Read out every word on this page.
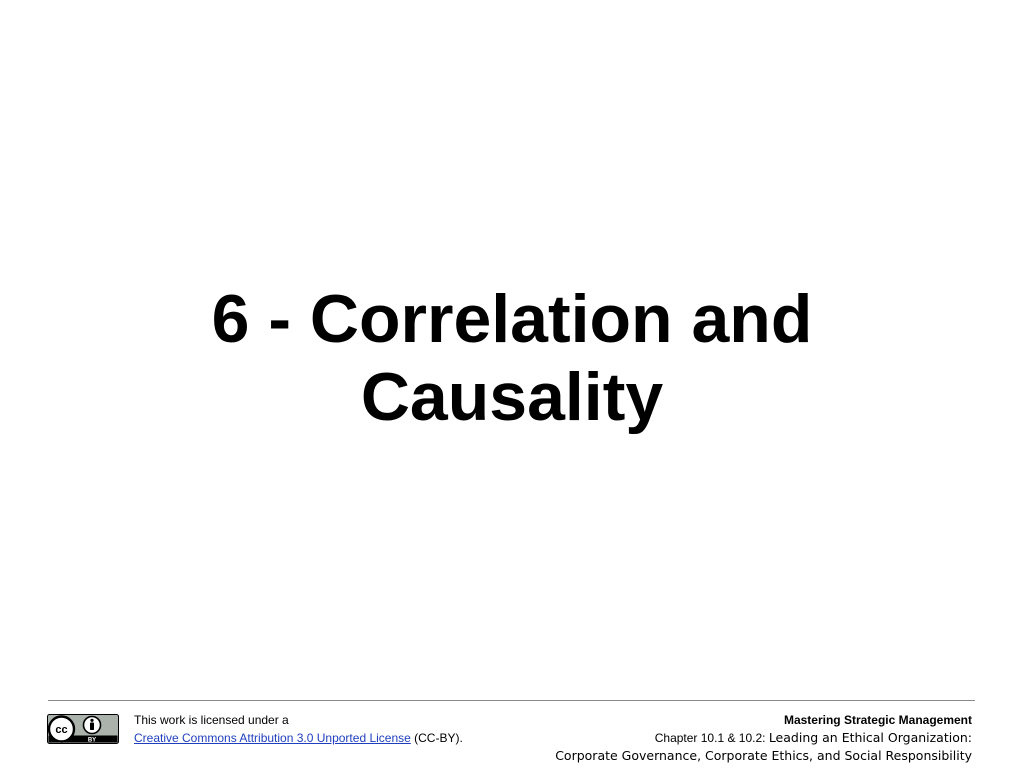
6 - Correlation and
Causality
cc
BY
This work is licensed under a
Creative Commons Attribution 3.0 Unported License (CC-BY).
Mastering Strategic Management
Chapter 10.1 & 10.2: Leading an Ethical Organization:
Corporate Governance, Corporate Ethics, and Social Responsibility
